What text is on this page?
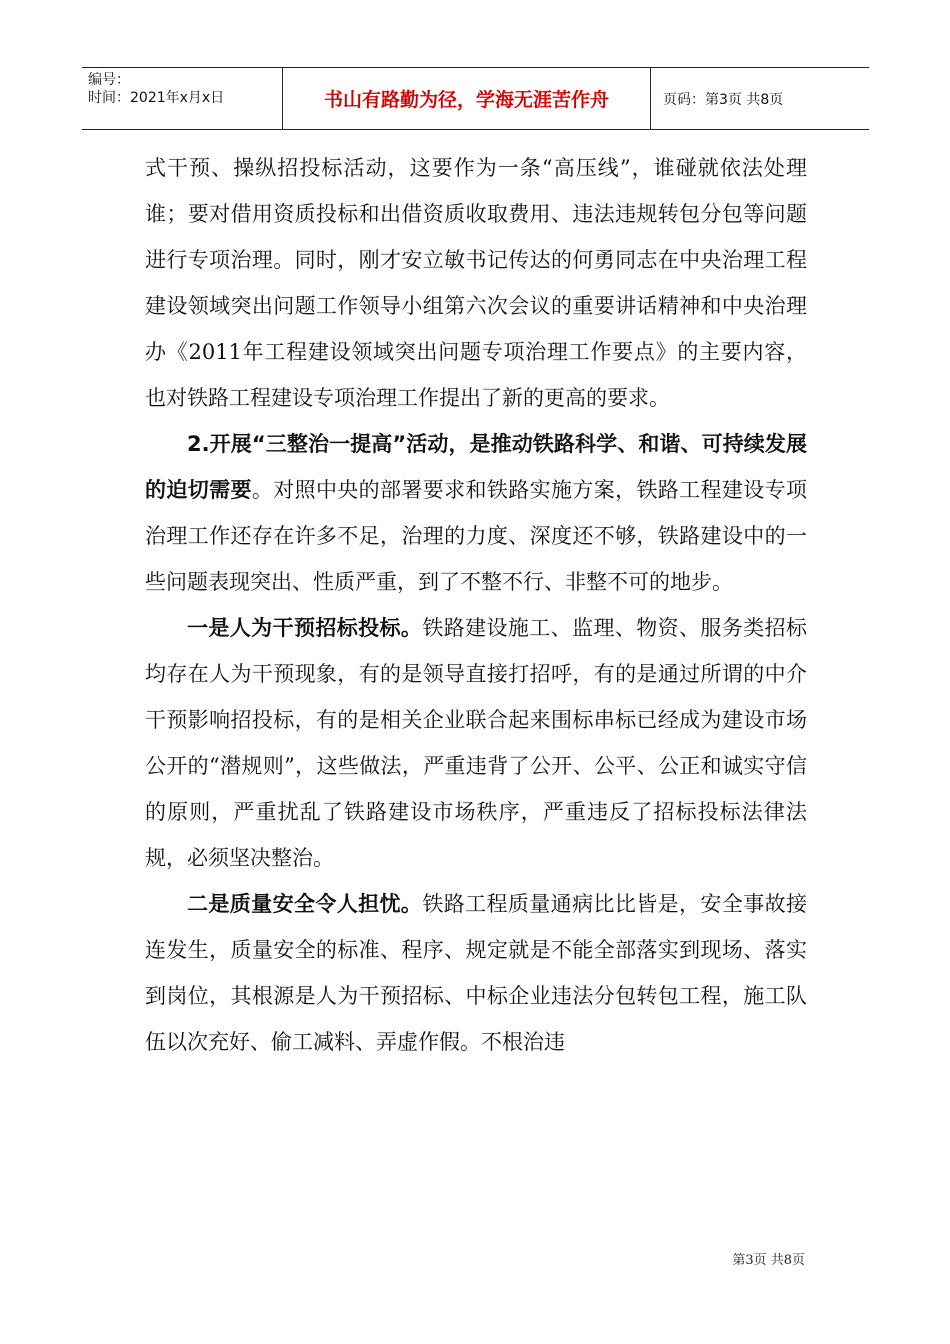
编号：
时间：2021年x月x日	书山有路勤为径，学海无涯苦作舟	页码：第3页 共8页

式干预、操纵招投标活动，这要作为一条“高压线”，谁碰就依法处理谁；要对借用资质投标和出借资质收取费用、违法违规转包分包等问题进行专项治理。同时，刚才安立敏书记传达的何勇同志在中央治理工程建设领域突出问题工作领导小组第六次会议的重要讲话精神和中央治理办《2011年工程建设领域突出问题专项治理工作要点》的主要内容，也对铁路工程建设专项治理工作提出了新的更高的要求。

2.开展“三整治一提高”活动，是推动铁路科学、和谐、可持续发展的迫切需要。对照中央的部署要求和铁路实施方案，铁路工程建设专项治理工作还存在许多不足，治理的力度、深度还不够，铁路建设中的一些问题表现突出、性质严重，到了不整不行、非整不可的地步。

一是人为干预招标投标。铁路建设施工、监理、物资、服务类招标均存在人为干预现象，有的是领导直接打招呼，有的是通过所谓的中介干预影响招投标，有的是相关企业联合起来围标串标已经成为建设市场公开的“潜规则”，这些做法，严重违背了公开、公平、公正和诚实守信的原则，严重扰乱了铁路建设市场秩序，严重违反了招标投标法律法规，必须坚决整治。

二是质量安全令人担忧。铁路工程质量通病比比皆是，安全事故接连发生，质量安全的标准、程序、规定就是不能全部落实到现场、落实到岗位，其根源是人为干预招标、中标企业违法分包转包工程，施工队伍以次充好、偷工减料、弄虚作假。不根治违

第3页 共8页
